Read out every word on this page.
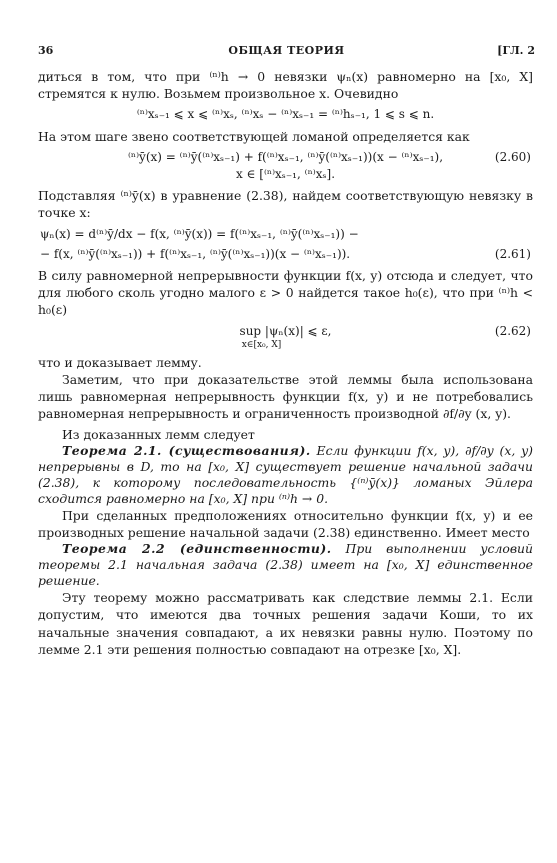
36	ОБЩАЯ ТЕОРИЯ	[ГЛ. 2

диться в том, что при ⁽ⁿ⁾h → 0 невязки ψₙ(x) равномерно на [x₀, X] стремятся к нулю. Возьмем произвольное x. Очевидно

⁽ⁿ⁾xₛ₋₁ ⩽ x ⩽ ⁽ⁿ⁾xₛ, ⁽ⁿ⁾xₛ − ⁽ⁿ⁾xₛ₋₁ = ⁽ⁿ⁾hₛ₋₁, 1 ⩽ s ⩽ n.

На этом шаге звено соответствующей ломаной определяется как

⁽ⁿ⁾ȳ(x) = ⁽ⁿ⁾ȳ(⁽ⁿ⁾xₛ₋₁) + f(⁽ⁿ⁾xₛ₋₁, ⁽ⁿ⁾ȳ(⁽ⁿ⁾xₛ₋₁))(x − ⁽ⁿ⁾xₛ₋₁),
x ∈ [⁽ⁿ⁾xₛ₋₁, ⁽ⁿ⁾xₛ].
(2.60)

Подставляя ⁽ⁿ⁾ȳ(x) в уравнение (2.38), найдем соответствующую невязку в точке x:

ψₙ(x) = d⁽ⁿ⁾ȳ/dx − f(x, ⁽ⁿ⁾ȳ(x)) = f(⁽ⁿ⁾xₛ₋₁, ⁽ⁿ⁾ȳ(⁽ⁿ⁾xₛ₋₁)) −
− f(x, ⁽ⁿ⁾ȳ(⁽ⁿ⁾xₛ₋₁)) + f(⁽ⁿ⁾xₛ₋₁, ⁽ⁿ⁾ȳ(⁽ⁿ⁾xₛ₋₁))(x − ⁽ⁿ⁾xₛ₋₁)).	(2.61)

В силу равномерной непрерывности функции f(x, y) отсюда и следует, что для любого сколь угодно малого ε > 0 найдется такое h₀(ε), что при ⁽ⁿ⁾h < h₀(ε)

sup |ψₙ(x)| ⩽ ε,
x∈[x₀, X]
(2.62)

что и доказывает лемму.

Заметим, что при доказательстве этой леммы была использована лишь равномерная непрерывность функции f(x, y) и не потребовались равномерная непрерывность и ограниченность производной ∂f/∂y (x, y).

Из доказанных лемм следует

Теорема 2.1. (существования). Если функции f(x, y), ∂f/∂y (x, y) непрерывны в D, то на [x₀, X] существует решение начальной задачи (2.38), к которому последовательность {⁽ⁿ⁾ȳ(x)} ломаных Эйлера сходится равномерно на [x₀, X] при ⁽ⁿ⁾h → 0.

При сделанных предположениях относительно функции f(x, y) и ее производных решение начальной задачи (2.38) единственно. Имеет место

Теорема 2.2 (единственности). При выполнении условий теоремы 2.1 начальная задача (2.38) имеет на [x₀, X] единственное решение.

Эту теорему можно рассматривать как следствие леммы 2.1. Если допустим, что имеются два точных решения задачи Коши, то их начальные значения совпадают, а их невязки равны нулю. Поэтому по лемме 2.1 эти решения полностью совпадают на отрезке [x₀, X].
